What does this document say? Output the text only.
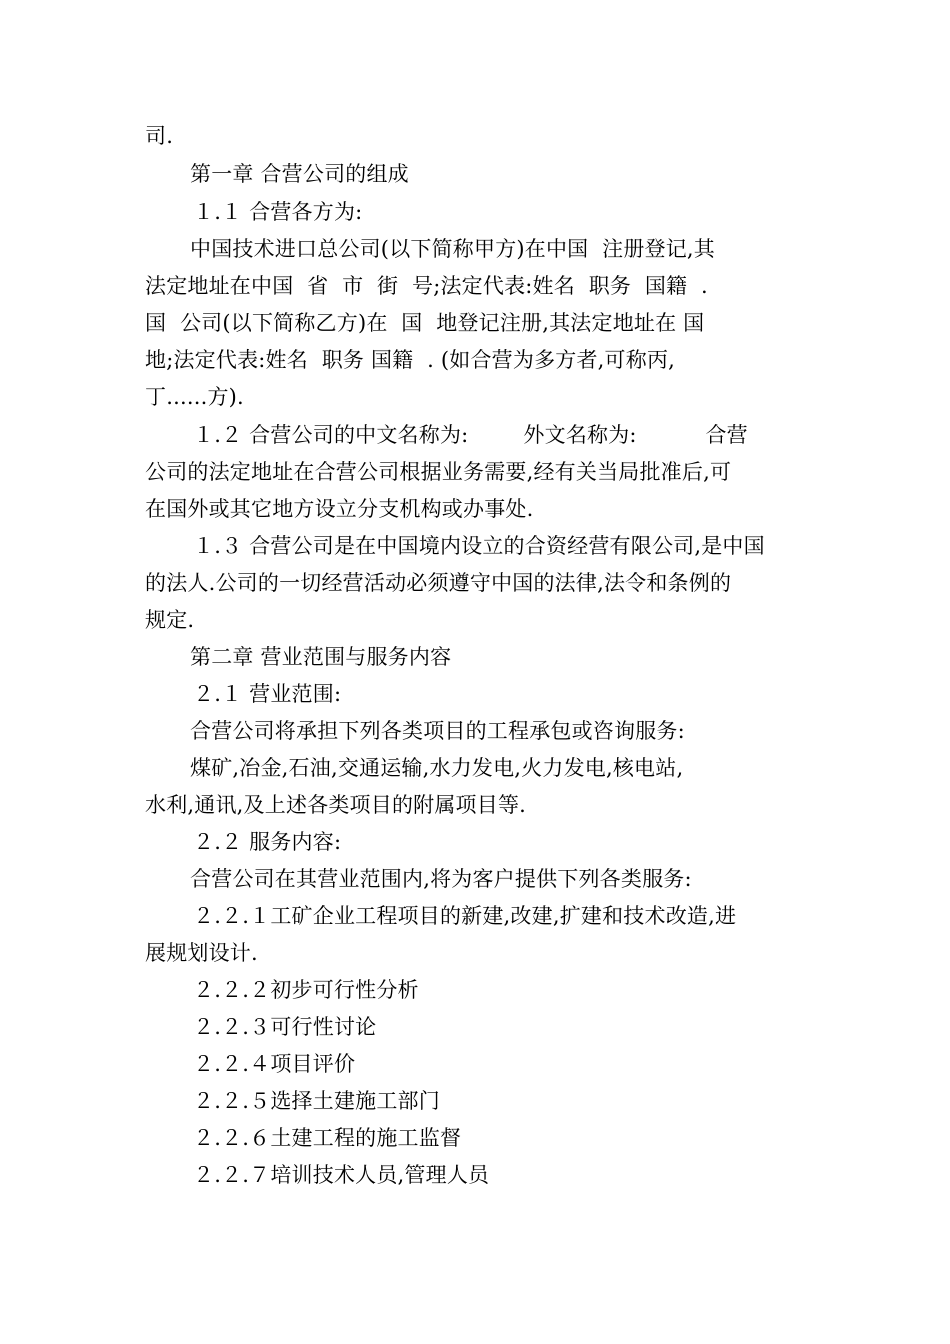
司.
第一章 合营公司的组成
１.１ 合营各方为:
中国技术进口总公司(以下简称甲方)在中国  注册登记,其
法定地址在中国  省  市  街  号;法定代表:姓名  职务  国籍  .
国  公司(以下简称乙方)在  国  地登记注册,其法定地址在 国
地;法定代表:姓名  职务 国籍  . (如合营为多方者,可称丙,
丁......方).
１.２ 合营公司的中文名称为:        外文名称为:          合营
公司的法定地址在合营公司根据业务需要,经有关当局批准后,可
在国外或其它地方设立分支机构或办事处.
１.３ 合营公司是在中国境内设立的合资经营有限公司,是中国
的法人.公司的一切经营活动必须遵守中国的法律,法令和条例的
规定.
第二章 营业范围与服务内容
２.１ 营业范围:
合营公司将承担下列各类项目的工程承包或咨询服务:
煤矿,冶金,石油,交通运输,水力发电,火力发电,核电站,
水利,通讯,及上述各类项目的附属项目等.
２.２ 服务内容:
合营公司在其营业范围内,将为客户提供下列各类服务:
２.２.１工矿企业工程项目的新建,改建,扩建和技术改造,进
展规划设计.
２.２.２初步可行性分析
２.２.３可行性讨论
２.２.４项目评价
２.２.５选择土建施工部门
２.２.６土建工程的施工监督
２.２.７培训技术人员,管理人员
